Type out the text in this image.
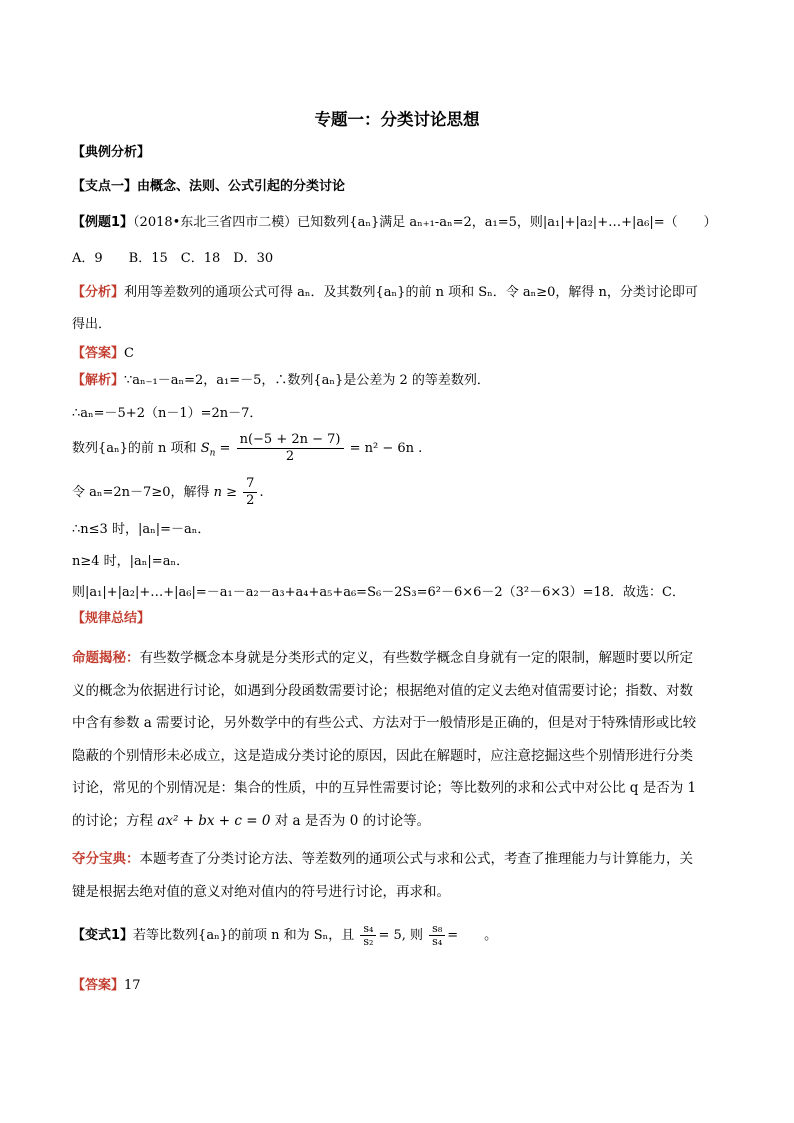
专题一：分类讨论思想
【典例分析】
【支点一】由概念、法则、公式引起的分类讨论
【例题1】（2018•东北三省四市二模）已知数列{aₙ}满足 aₙ₊₁-aₙ=2，a₁=5，则|a₁|+|a₂|+…+|a₆|=（　　）
A．9　　B．15　C．18　D．30
【分析】利用等差数列的通项公式可得 aₙ．及其数列{aₙ}的前 n 项和 Sₙ．令 aₙ≥0，解得 n，分类讨论即可
得出．
【答案】C
【解析】∵aₙ₋₁－aₙ=2，a₁=－5，∴数列{aₙ}是公差为 2 的等差数列．
∴aₙ=－5+2（n－1）=2n－7．
数列{aₙ}的前 n 项和 $S_n = \frac{n(-5 + 2n - 7)}{2} = n^2 - 6n$ .
令 aₙ=2n－7≥0，解得 $n \ge \frac{7}{2}$ .
∴n≤3 时，|aₙ|=－aₙ．
n≥4 时，|aₙ|=aₙ．
则|a₁|+|a₂|+…+|a₆|=－a₁－a₂－a₃+a₄+a₅+a₆=S₆－2S₃=6²－6×6－2（3²－6×3）=18．故选：C．
【规律总结】
命题揭秘：有些数学概念本身就是分类形式的定义，有些数学概念自身就有一定的限制，解题时要以所定
义的概念为依据进行讨论，如遇到分段函数需要讨论；根据绝对值的定义去绝对值需要讨论；指数、对数
中含有参数 a 需要讨论，另外数学中的有些公式、方法对于一般情形是正确的，但是对于特殊情形或比较
隐蔽的个别情形未必成立，这是造成分类讨论的原因，因此在解题时，应注意挖掘这些个别情形进行分类
讨论，常见的个别情况是：集合的性质，中的互异性需要讨论；等比数列的求和公式中对公比 q 是否为 1
的讨论；方程 ax² + bx + c = 0 对 a 是否为 0 的讨论等。
夺分宝典：本题考查了分类讨论方法、等差数列的通项公式与求和公式，考查了推理能力与计算能力，关
键是根据去绝对值的意义对绝对值内的符号进行讨论，再求和。
【变式1】若等比数列{aₙ}的前项 n 和为 Sₙ，且 $\frac{\text{s₄}}{\text{s₂}} = 5$, 则 $\frac{\text{s₈}}{\text{s₄}}$ =　　。
【答案】17
